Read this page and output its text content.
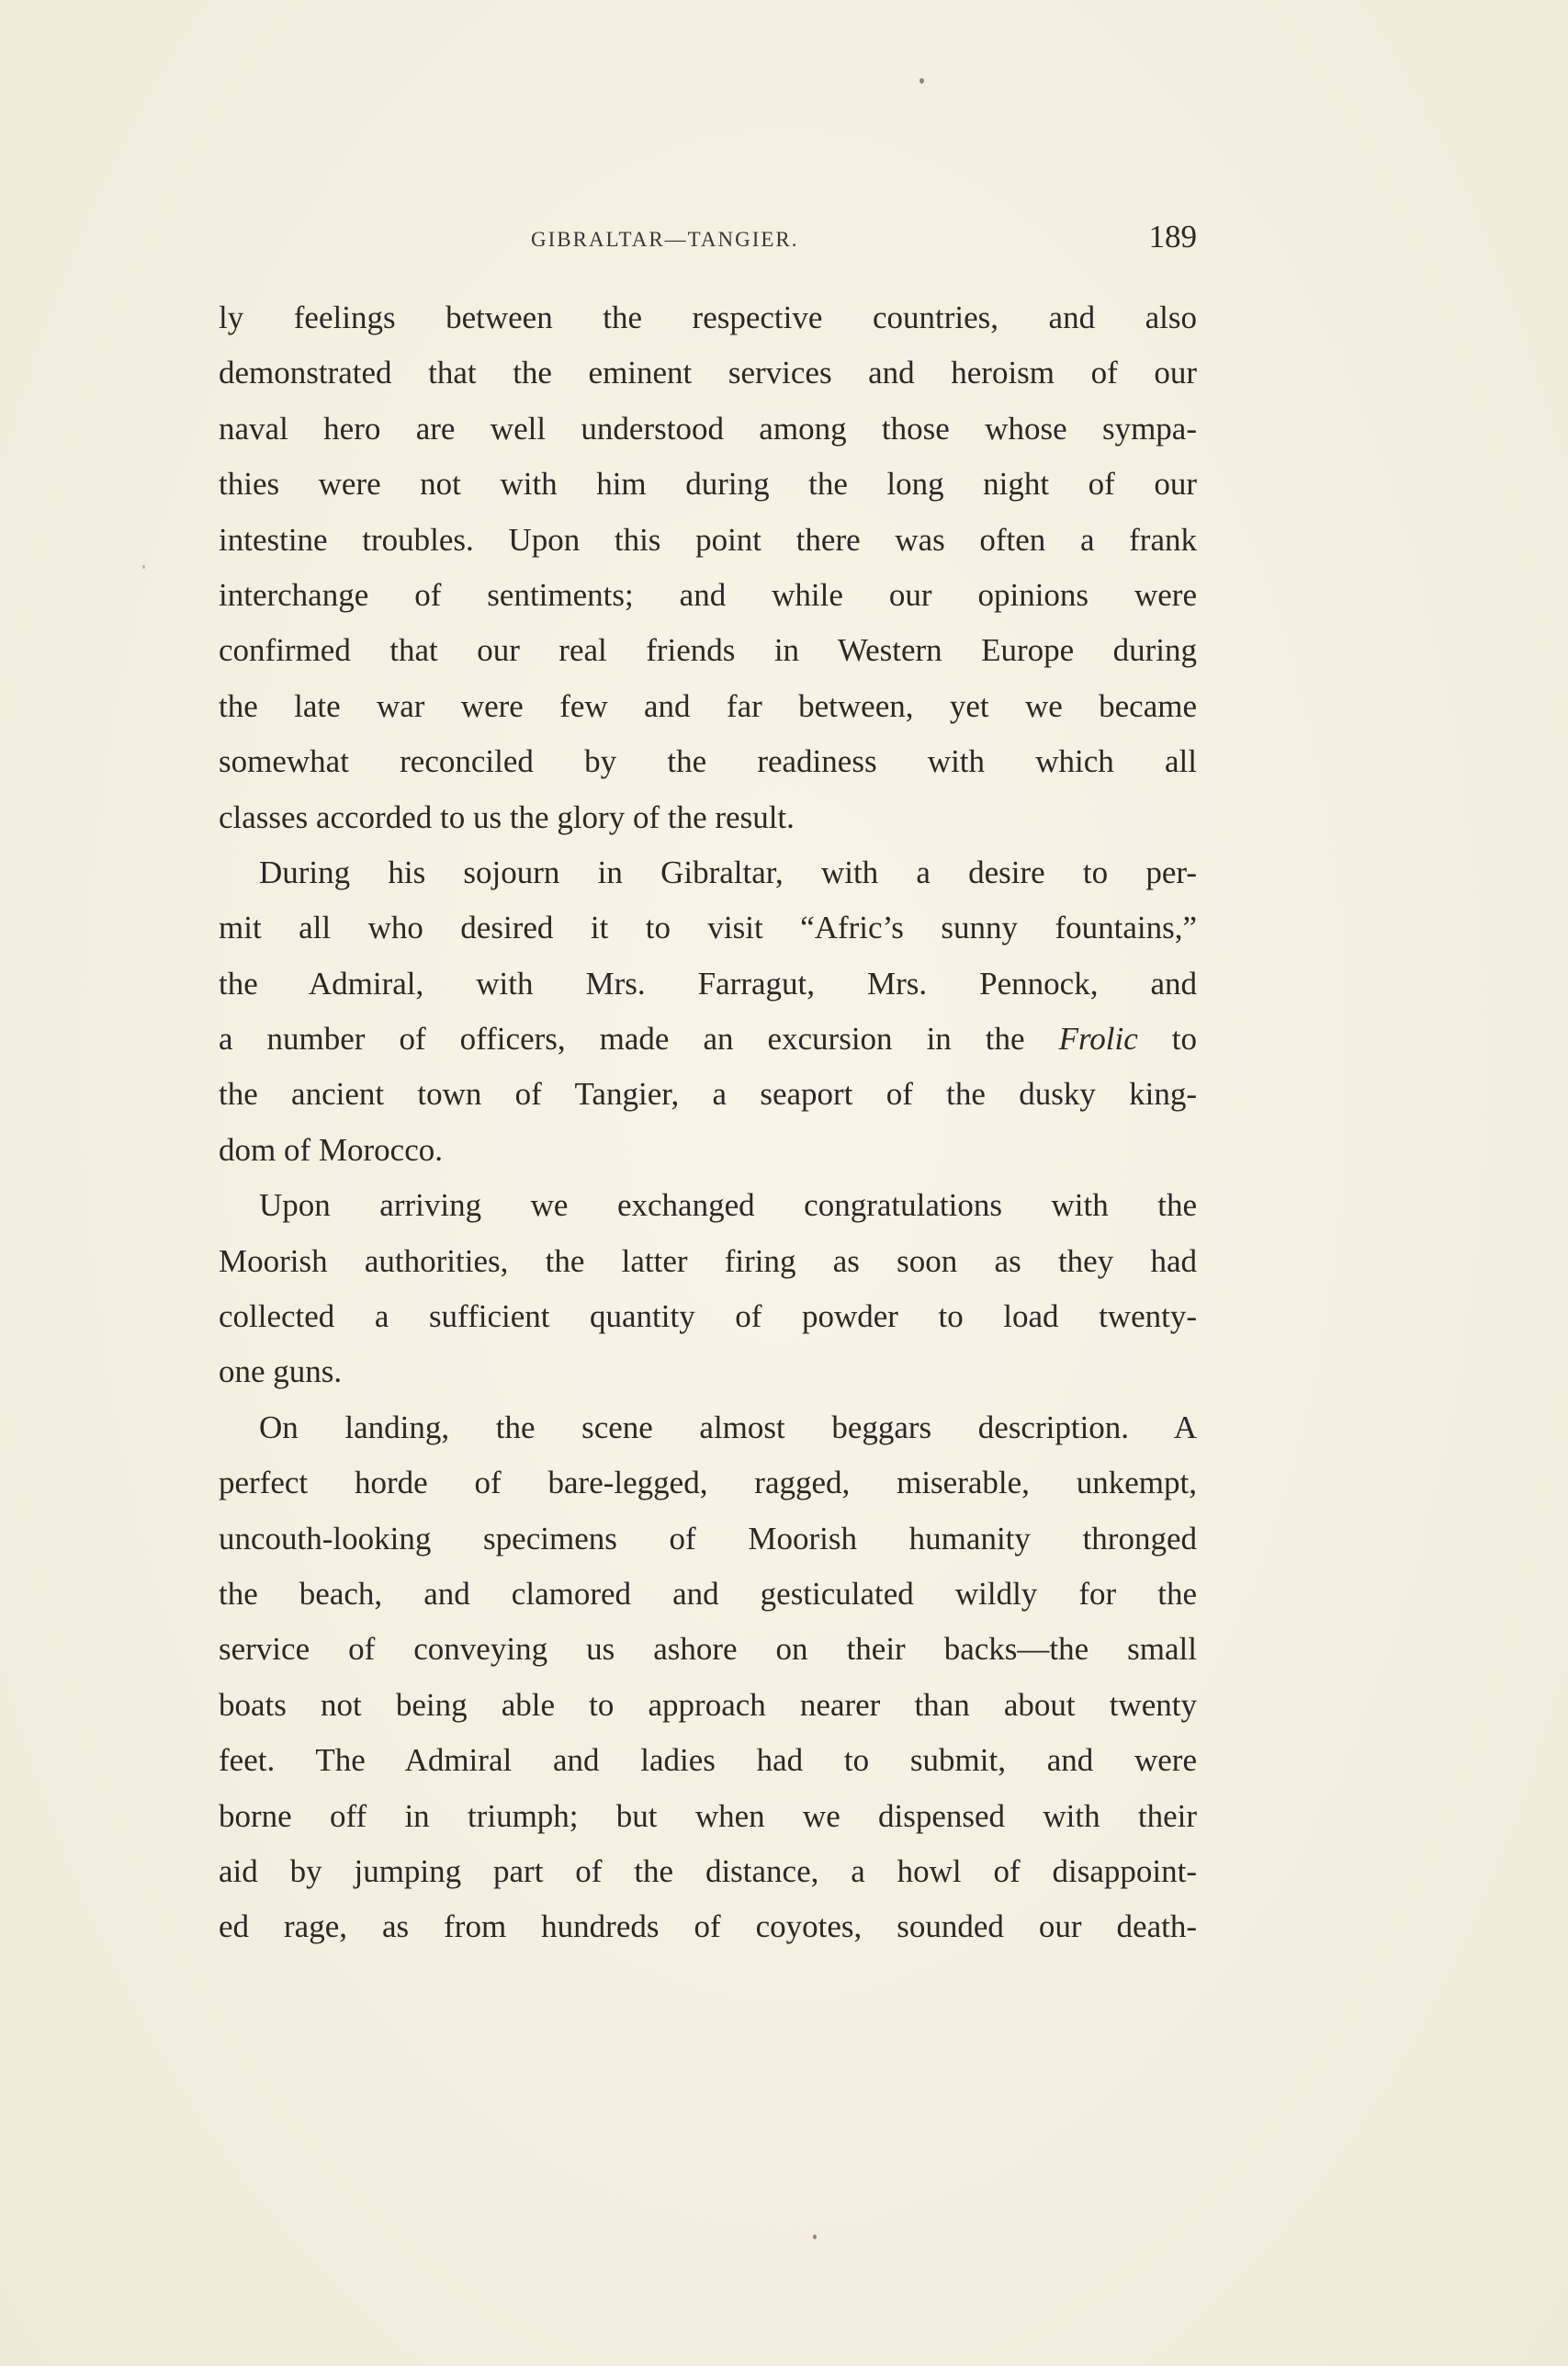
GIBRALTAR—TANGIER.	189
ly feelings between the respective countries, and also
demonstrated that the eminent services and heroism of our
naval hero are well understood among those whose sympa-
thies were not with him during the long night of our
intestine troubles. Upon this point there was often a frank
interchange of sentiments; and while our opinions were
confirmed that our real friends in Western Europe during
the late war were few and far between, yet we became
somewhat reconciled by the readiness with which all
classes accorded to us the glory of the result.
During his sojourn in Gibraltar, with a desire to per-
mit all who desired it to visit “Afric’s sunny fountains,”
the Admiral, with Mrs. Farragut, Mrs. Pennock, and
a number of officers, made an excursion in the Frolic to
the ancient town of Tangier, a seaport of the dusky king-
dom of Morocco.
Upon arriving we exchanged congratulations with the
Moorish authorities, the latter firing as soon as they had
collected a sufficient quantity of powder to load twenty-
one guns.
On landing, the scene almost beggars description. A
perfect horde of bare-legged, ragged, miserable, unkempt,
uncouth-looking specimens of Moorish humanity thronged
the beach, and clamored and gesticulated wildly for the
service of conveying us ashore on their backs—the small
boats not being able to approach nearer than about twenty
feet. The Admiral and ladies had to submit, and were
borne off in triumph; but when we dispensed with their
aid by jumping part of the distance, a howl of disappoint-
ed rage, as from hundreds of coyotes, sounded our death-
